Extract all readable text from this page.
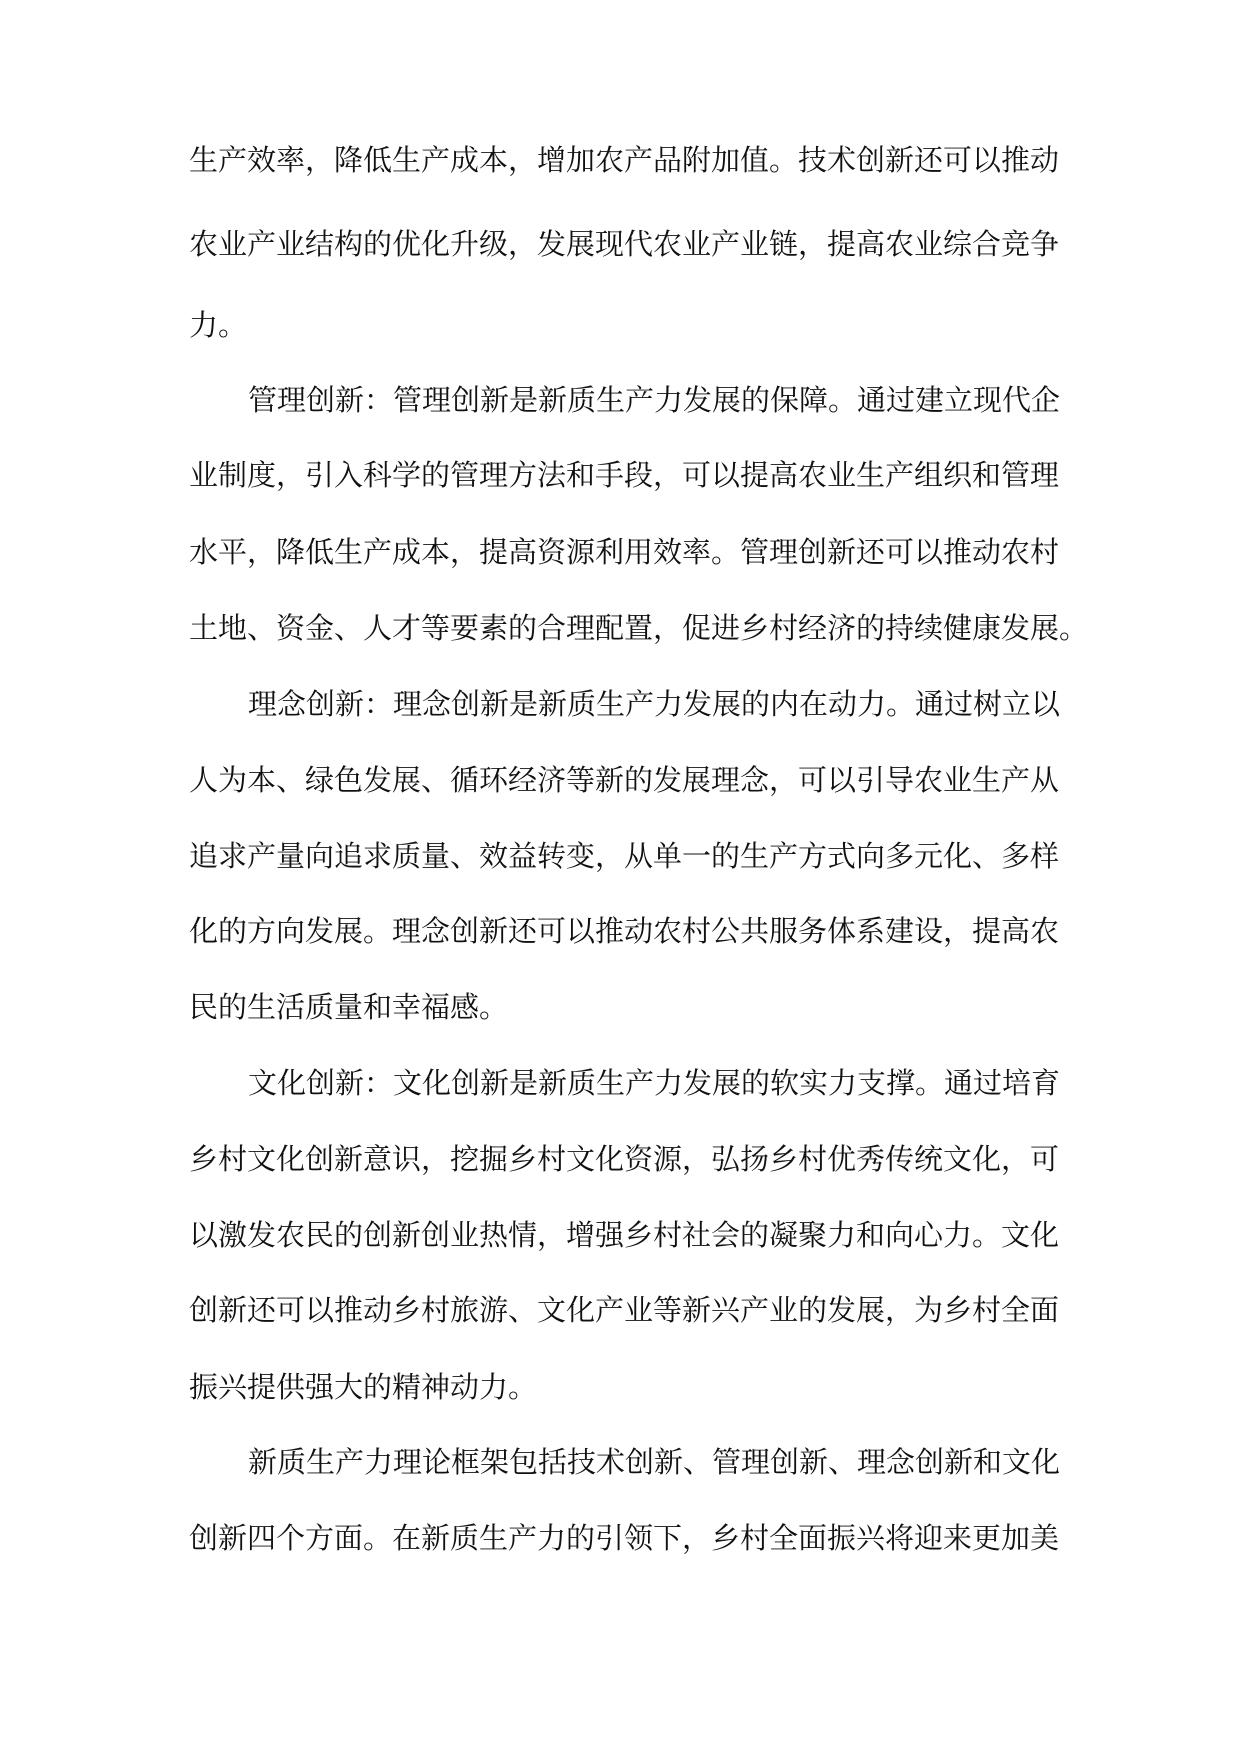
生产效率，降低生产成本，增加农产品附加值。技术创新还可以推动
农业产业结构的优化升级，发展现代农业产业链，提高农业综合竞争
力。
管理创新：管理创新是新质生产力发展的保障。通过建立现代企
业制度，引入科学的管理方法和手段，可以提高农业生产组织和管理
水平，降低生产成本，提高资源利用效率。管理创新还可以推动农村
土地、资金、人才等要素的合理配置，促进乡村经济的持续健康发展。
理念创新：理念创新是新质生产力发展的内在动力。通过树立以
人为本、绿色发展、循环经济等新的发展理念，可以引导农业生产从
追求产量向追求质量、效益转变，从单一的生产方式向多元化、多样
化的方向发展。理念创新还可以推动农村公共服务体系建设，提高农
民的生活质量和幸福感。
文化创新：文化创新是新质生产力发展的软实力支撑。通过培育
乡村文化创新意识，挖掘乡村文化资源，弘扬乡村优秀传统文化，可
以激发农民的创新创业热情，增强乡村社会的凝聚力和向心力。文化
创新还可以推动乡村旅游、文化产业等新兴产业的发展，为乡村全面
振兴提供强大的精神动力。
新质生产力理论框架包括技术创新、管理创新、理念创新和文化
创新四个方面。在新质生产力的引领下，乡村全面振兴将迎来更加美
